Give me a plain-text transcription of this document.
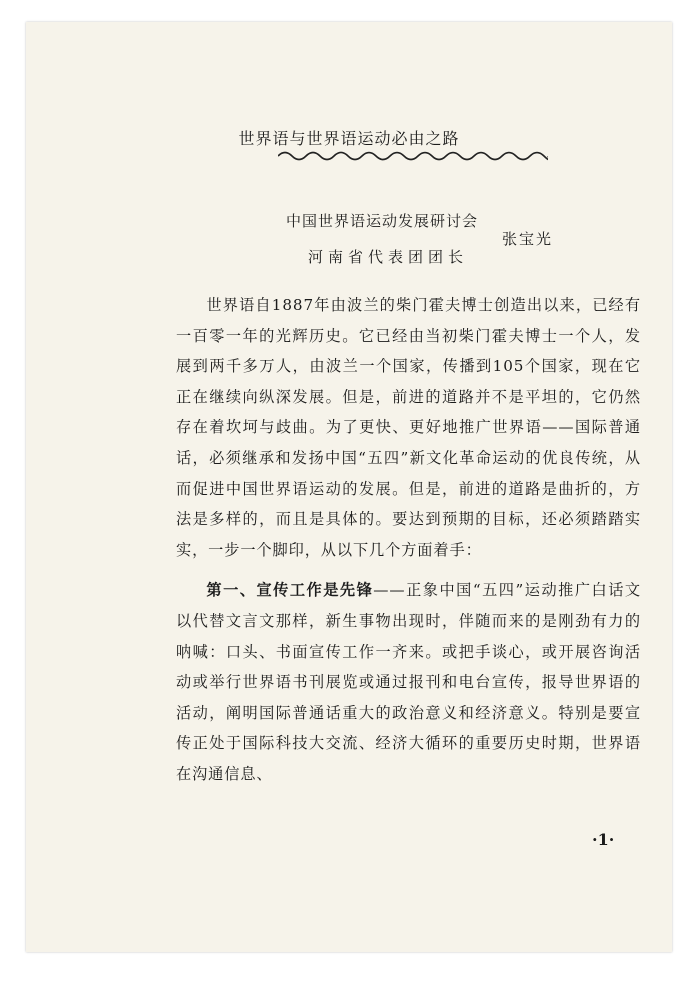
世界语与世界语运动必由之路
中国世界语运动发展研讨会
张宝光
河南省代表团团长

世界语自1887年由波兰的柴门霍夫博士创造出以来，已经有一百零一年的光辉历史。它已经由当初柴门霍夫博士一个人，发展到两千多万人，由波兰一个国家，传播到105个国家，现在它正在继续向纵深发展。但是，前进的道路并不是平坦的，它仍然存在着坎坷与歧曲。为了更快、更好地推广世界语——国际普通话，必须继承和发扬中国“五四”新文化革命运动的优良传统，从而促进中国世界语运动的发展。但是，前进的道路是曲折的，方法是多样的，而且是具体的。要达到预期的目标，还必须踏踏实实，一步一个脚印，从以下几个方面着手：

第一、宣传工作是先锋——正象中国“五四”运动推广白话文以代替文言文那样，新生事物出现时，伴随而来的是刚劲有力的呐喊：口头、书面宣传工作一齐来。或把手谈心，或开展咨询活动或举行世界语书刊展览或通过报刊和电台宣传，报导世界语的活动，阐明国际普通话重大的政治意义和经济意义。特别是要宣传正处于国际科技大交流、经济大循环的重要历史时期，世界语在沟通信息、

·1·
